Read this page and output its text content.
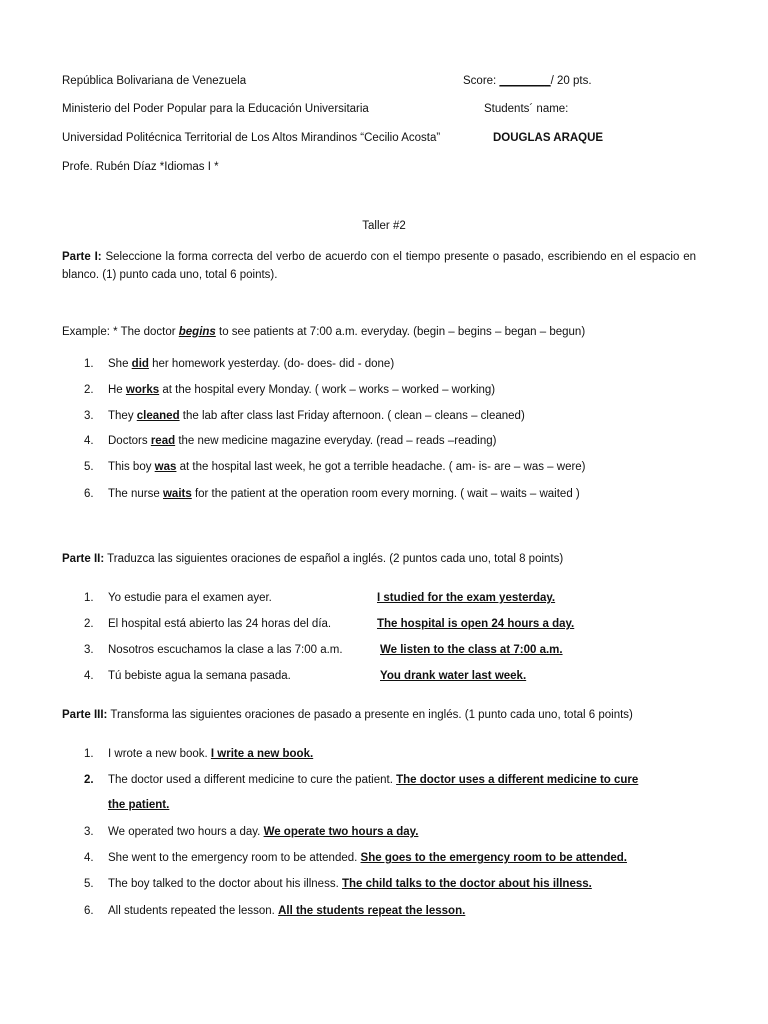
República Bolivariana de Venezuela
Ministerio del Poder Popular para la Educación Universitaria
Universidad Politécnica Territorial de Los Altos Mirandinos “Cecilio Acosta”
Profe. Rubén Díaz *Idiomas I *
Score: ________/ 20 pts.
Students´ name:
DOUGLAS ARAQUE
Taller #2
Parte I: Seleccione la forma correcta del verbo de acuerdo con el tiempo presente o pasado, escribiendo en el espacio en blanco. (1) punto cada uno, total 6 points).
Example: * The doctor begins to see patients at 7:00 a.m. everyday. (begin – begins – began – begun)
1. She did her homework yesterday. (do- does- did - done)
2. He works at the hospital every Monday. ( work – works – worked – working)
3. They cleaned the lab after class last Friday afternoon. ( clean – cleans – cleaned)
4. Doctors read the new medicine magazine everyday. (read – reads –reading)
5. This boy was at the hospital last week, he got a terrible headache. ( am- is- are – was – were)
6. The nurse waits for the patient at the operation room every morning. ( wait – waits – waited )
Parte II: Traduzca las siguientes oraciones de español a inglés. (2 puntos cada uno, total 8 points)
1. Yo estudie para el examen ayer.	I studied for the exam yesterday.
2. El hospital está abierto las 24 horas del día.	The hospital is open 24 hours a day.
3. Nosotros escuchamos la clase a las 7:00 a.m.	We listen to the class at 7:00 a.m.
4. Tú bebiste agua la semana pasada.	You drank water last week.
Parte III: Transforma las siguientes oraciones de pasado a presente en inglés. (1 punto cada uno, total 6 points)
1. I wrote a new book. I write a new book.
2. The doctor used a different medicine to cure the patient. The doctor uses a different medicine to cure
the patient.
3. We operated two hours a day. We operate two hours a day.
4. She went to the emergency room to be attended. She goes to the emergency room to be attended.
5. The boy talked to the doctor about his illness. The child talks to the doctor about his illness.
6. All students repeated the lesson. All the students repeat the lesson.
